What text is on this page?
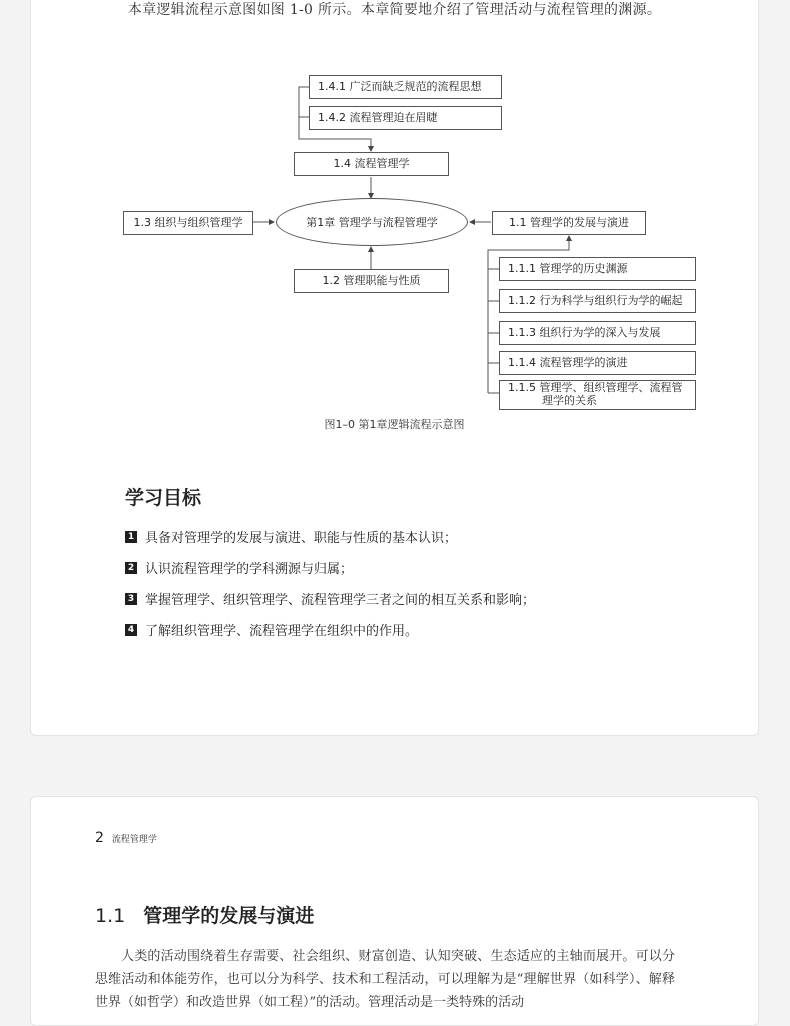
本章逻辑流程示意图如图 1-0 所示。本章简要地介绍了管理活动与流程管理的渊源。
1.4.1 广泛而缺乏规范的流程思想
1.4.2 流程管理迫在眉睫
1.4 流程管理学
1.3 组织与组织管理学	第1章 管理学与流程管理学	1.1 管理学的发展与演进
1.2 管理职能与性质
1.1.1 管理学的历史渊源
1.1.2 行为科学与组织行为学的崛起
1.1.3 组织行为学的深入与发展
1.1.4 流程管理学的演进
1.1.5 管理学、组织管理学、流程管
理学的关系
图1–0 第1章逻辑流程示意图
学习目标
1 具备对管理学的发展与演进、职能与性质的基本认识；
2 认识流程管理学的学科溯源与归属；
3 掌握管理学、组织管理学、流程管理学三者之间的相互关系和影响；
4 了解组织管理学、流程管理学在组织中的作用。
2 流程管理学
1.1 管理学的发展与演进
人类的活动围绕着生存需要、社会组织、财富创造、认知突破、生态适应的主轴而展开。可以分思维活动和体能劳作，也可以分为科学、技术和工程活动，可以理解为是“理解世界（如科学）、解释世界（如哲学）和改造世界（如工程）”的活动。管理活动是一类特殊的活动
